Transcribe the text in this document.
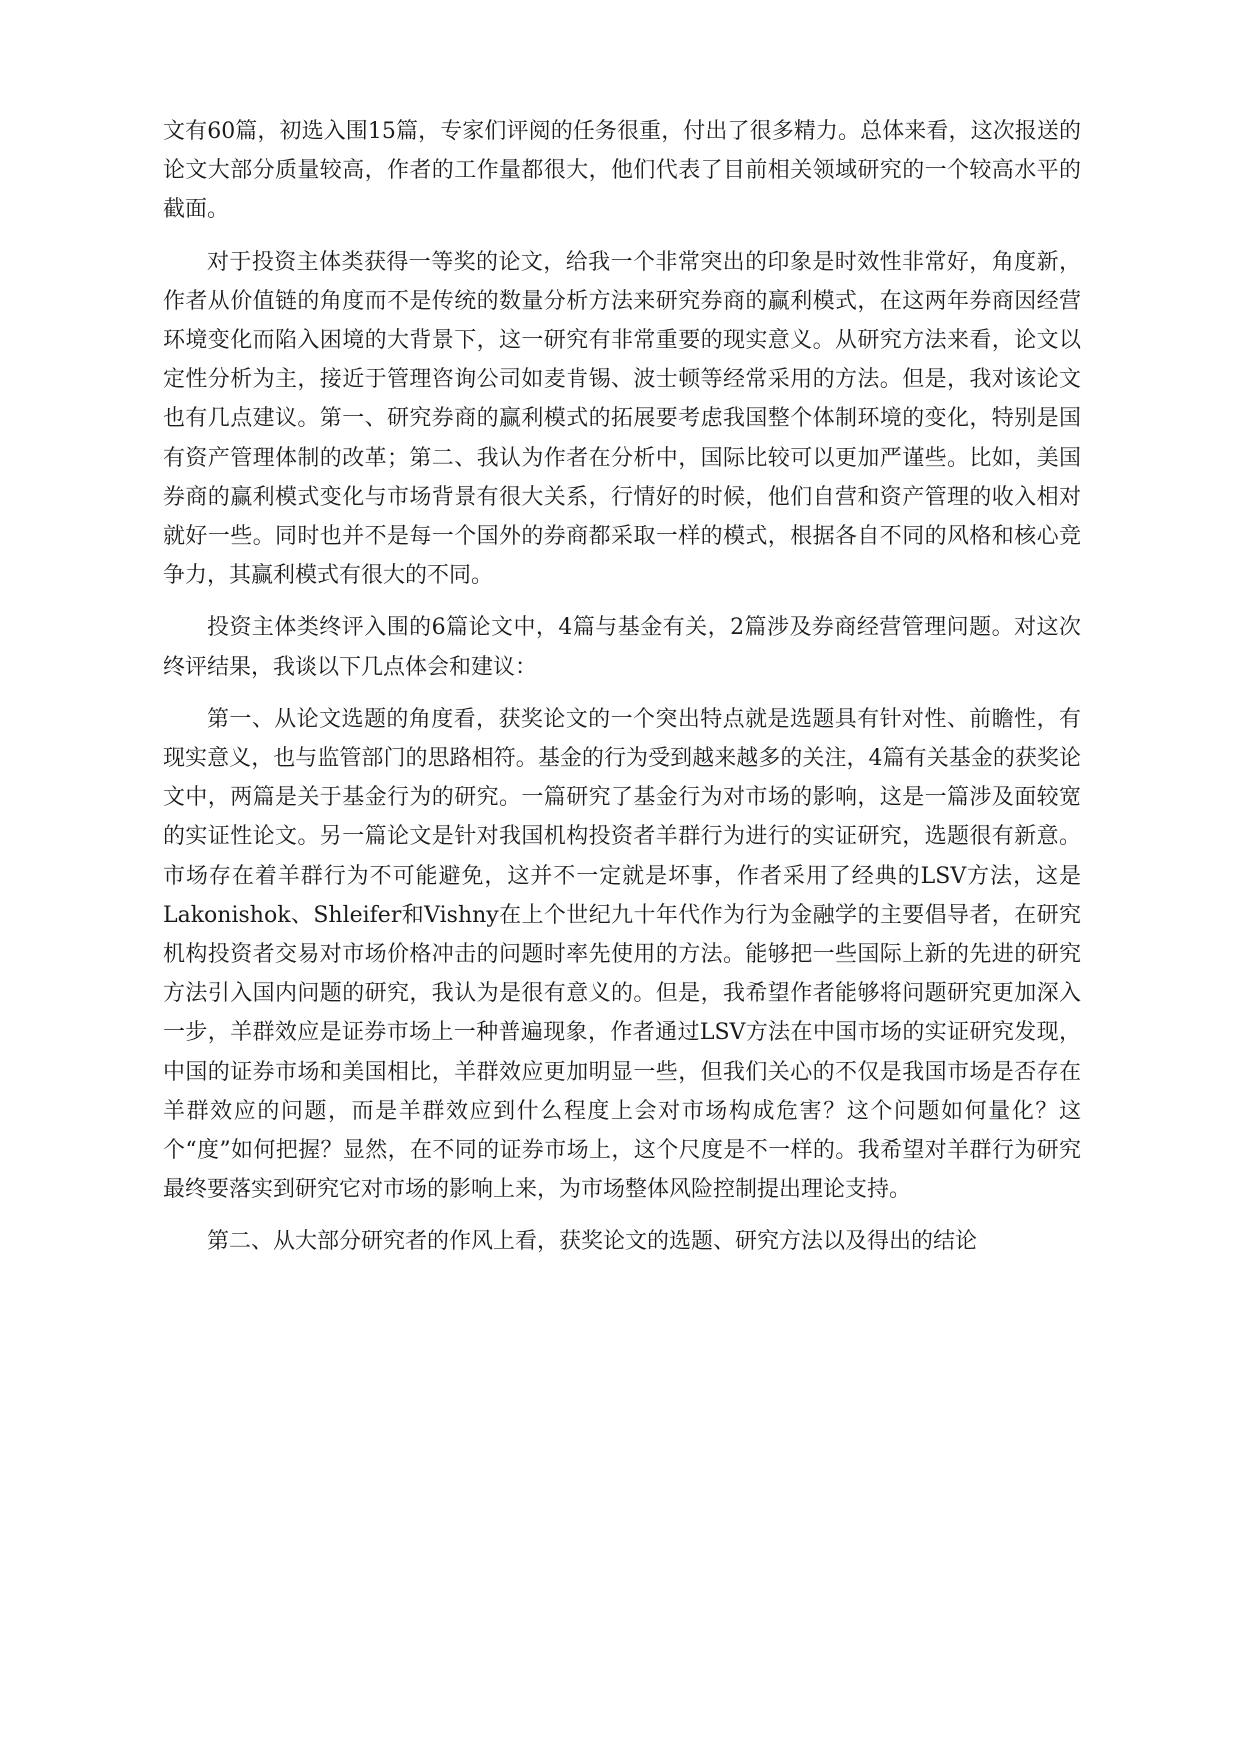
文有60篇，初选入围15篇，专家们评阅的任务很重，付出了很多精力。总体来看，这次报送的论文大部分质量较高，作者的工作量都很大，他们代表了目前相关领域研究的一个较高水平的截面。

对于投资主体类获得一等奖的论文，给我一个非常突出的印象是时效性非常好，角度新，作者从价值链的角度而不是传统的数量分析方法来研究券商的赢利模式，在这两年券商因经营环境变化而陷入困境的大背景下，这一研究有非常重要的现实意义。从研究方法来看，论文以定性分析为主，接近于管理咨询公司如麦肯锡、波士顿等经常采用的方法。但是，我对该论文也有几点建议。第一、研究券商的赢利模式的拓展要考虑我国整个体制环境的变化，特别是国有资产管理体制的改革；第二、我认为作者在分析中，国际比较可以更加严谨些。比如，美国券商的赢利模式变化与市场背景有很大关系，行情好的时候，他们自营和资产管理的收入相对就好一些。同时也并不是每一个国外的券商都采取一样的模式，根据各自不同的风格和核心竞争力，其赢利模式有很大的不同。

投资主体类终评入围的6篇论文中，4篇与基金有关，2篇涉及券商经营管理问题。对这次终评结果，我谈以下几点体会和建议：

第一、从论文选题的角度看，获奖论文的一个突出特点就是选题具有针对性、前瞻性，有现实意义，也与监管部门的思路相符。基金的行为受到越来越多的关注，4篇有关基金的获奖论文中，两篇是关于基金行为的研究。一篇研究了基金行为对市场的影响，这是一篇涉及面较宽的实证性论文。另一篇论文是针对我国机构投资者羊群行为进行的实证研究，选题很有新意。市场存在着羊群行为不可能避免，这并不一定就是坏事，作者采用了经典的LSV方法，这是Lakonishok、Shleifer和Vishny在上个世纪九十年代作为行为金融学的主要倡导者，在研究机构投资者交易对市场价格冲击的问题时率先使用的方法。能够把一些国际上新的先进的研究方法引入国内问题的研究，我认为是很有意义的。但是，我希望作者能够将问题研究更加深入一步，羊群效应是证券市场上一种普遍现象，作者通过LSV方法在中国市场的实证研究发现，中国的证券市场和美国相比，羊群效应更加明显一些，但我们关心的不仅是我国市场是否存在羊群效应的问题，而是羊群效应到什么程度上会对市场构成危害？这个问题如何量化？这个“度”如何把握？显然，在不同的证券市场上，这个尺度是不一样的。我希望对羊群行为研究最终要落实到研究它对市场的影响上来，为市场整体风险控制提出理论支持。

第二、从大部分研究者的作风上看，获奖论文的选题、研究方法以及得出的结论
